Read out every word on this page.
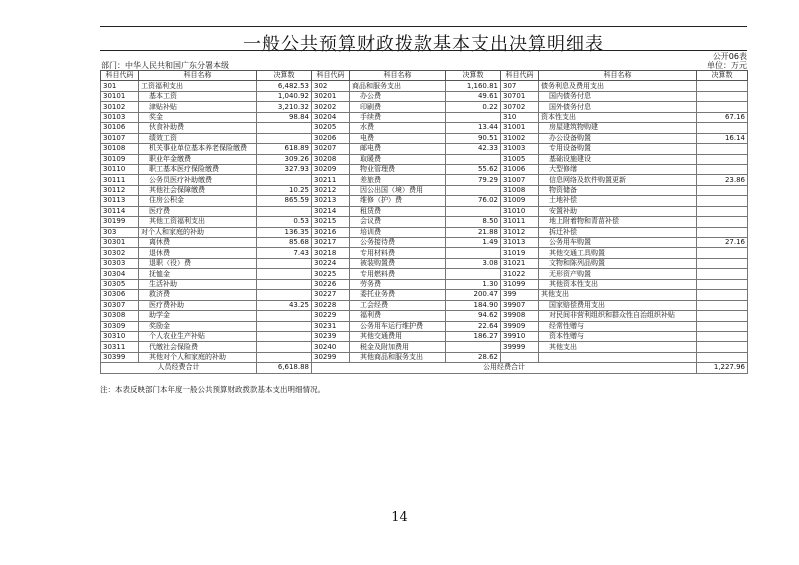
一般公共预算财政拨款基本支出决算明细表
公开06表
部门：中华人民共和国广东分署本级	单位：万元
科目代码	科目名称	决算数	科目代码	科目名称	决算数	科目代码	科目名称	决算数
301	工资福利支出	6,482.53	302	商品和服务支出	1,160.81	307	债务利息及费用支出	
30101	基本工资	1,040.92	30201	办公费	49.61	30701	国内债务付息	
30102	津贴补贴	3,210.32	30202	印刷费	0.22	30702	国外债务付息	
30103	奖金	98.84	30204	手续费		310	资本性支出	67.16
30106	伙食补助费		30205	水费	13.44	31001	房屋建筑物购建	
30107	绩效工资		30206	电费	90.51	31002	办公设备购置	16.14
30108	机关事业单位基本养老保险缴费	618.89	30207	邮电费	42.33	31003	专用设备购置	
30109	职业年金缴费	309.26	30208	取暖费		31005	基础设施建设	
30110	职工基本医疗保险缴费	327.93	30209	物业管理费	55.62	31006	大型修缮	
30111	公务员医疗补助缴费		30211	差旅费	79.29	31007	信息网络及软件购置更新	23.86
30112	其他社会保障缴费	10.25	30212	因公出国（境）费用		31008	物资储备	
30113	住房公积金	865.59	30213	维修（护）费	76.02	31009	土地补偿	
30114	医疗费		30214	租赁费		31010	安置补助	
30199	其他工资福利支出	0.53	30215	会议费	8.50	31011	地上附着物和青苗补偿	
303	对个人和家庭的补助	136.35	30216	培训费	21.88	31012	拆迁补偿	
30301	离休费	85.68	30217	公务接待费	1.49	31013	公务用车购置	27.16
30302	退休费	7.43	30218	专用材料费		31019	其他交通工具购置	
30303	退职（役）费		30224	被装购置费	3.08	31021	文物和陈列品购置	
30304	抚恤金		30225	专用燃料费		31022	无形资产购置	
30305	生活补助		30226	劳务费	1.30	31099	其他资本性支出	
30306	救济费		30227	委托业务费	200.47	399	其他支出	
30307	医疗费补助	43.25	30228	工会经费	184.90	39907	国家赔偿费用支出	
30308	助学金		30229	福利费	94.62	39908	对民间非营利组织和群众性自治组织补贴	
30309	奖励金		30231	公务用车运行维护费	22.64	39909	经常性赠与	
30310	个人农业生产补贴		30239	其他交通费用	186.27	39910	资本性赠与	
30311	代缴社会保险费		30240	税金及附加费用		39999	其他支出	
30399	其他对个人和家庭的补助		30299	其他商品和服务支出	28.62			
人员经费合计		6,618.88	公用经费合计					1,227.96
注：本表反映部门本年度一般公共预算财政拨款基本支出明细情况。
14
